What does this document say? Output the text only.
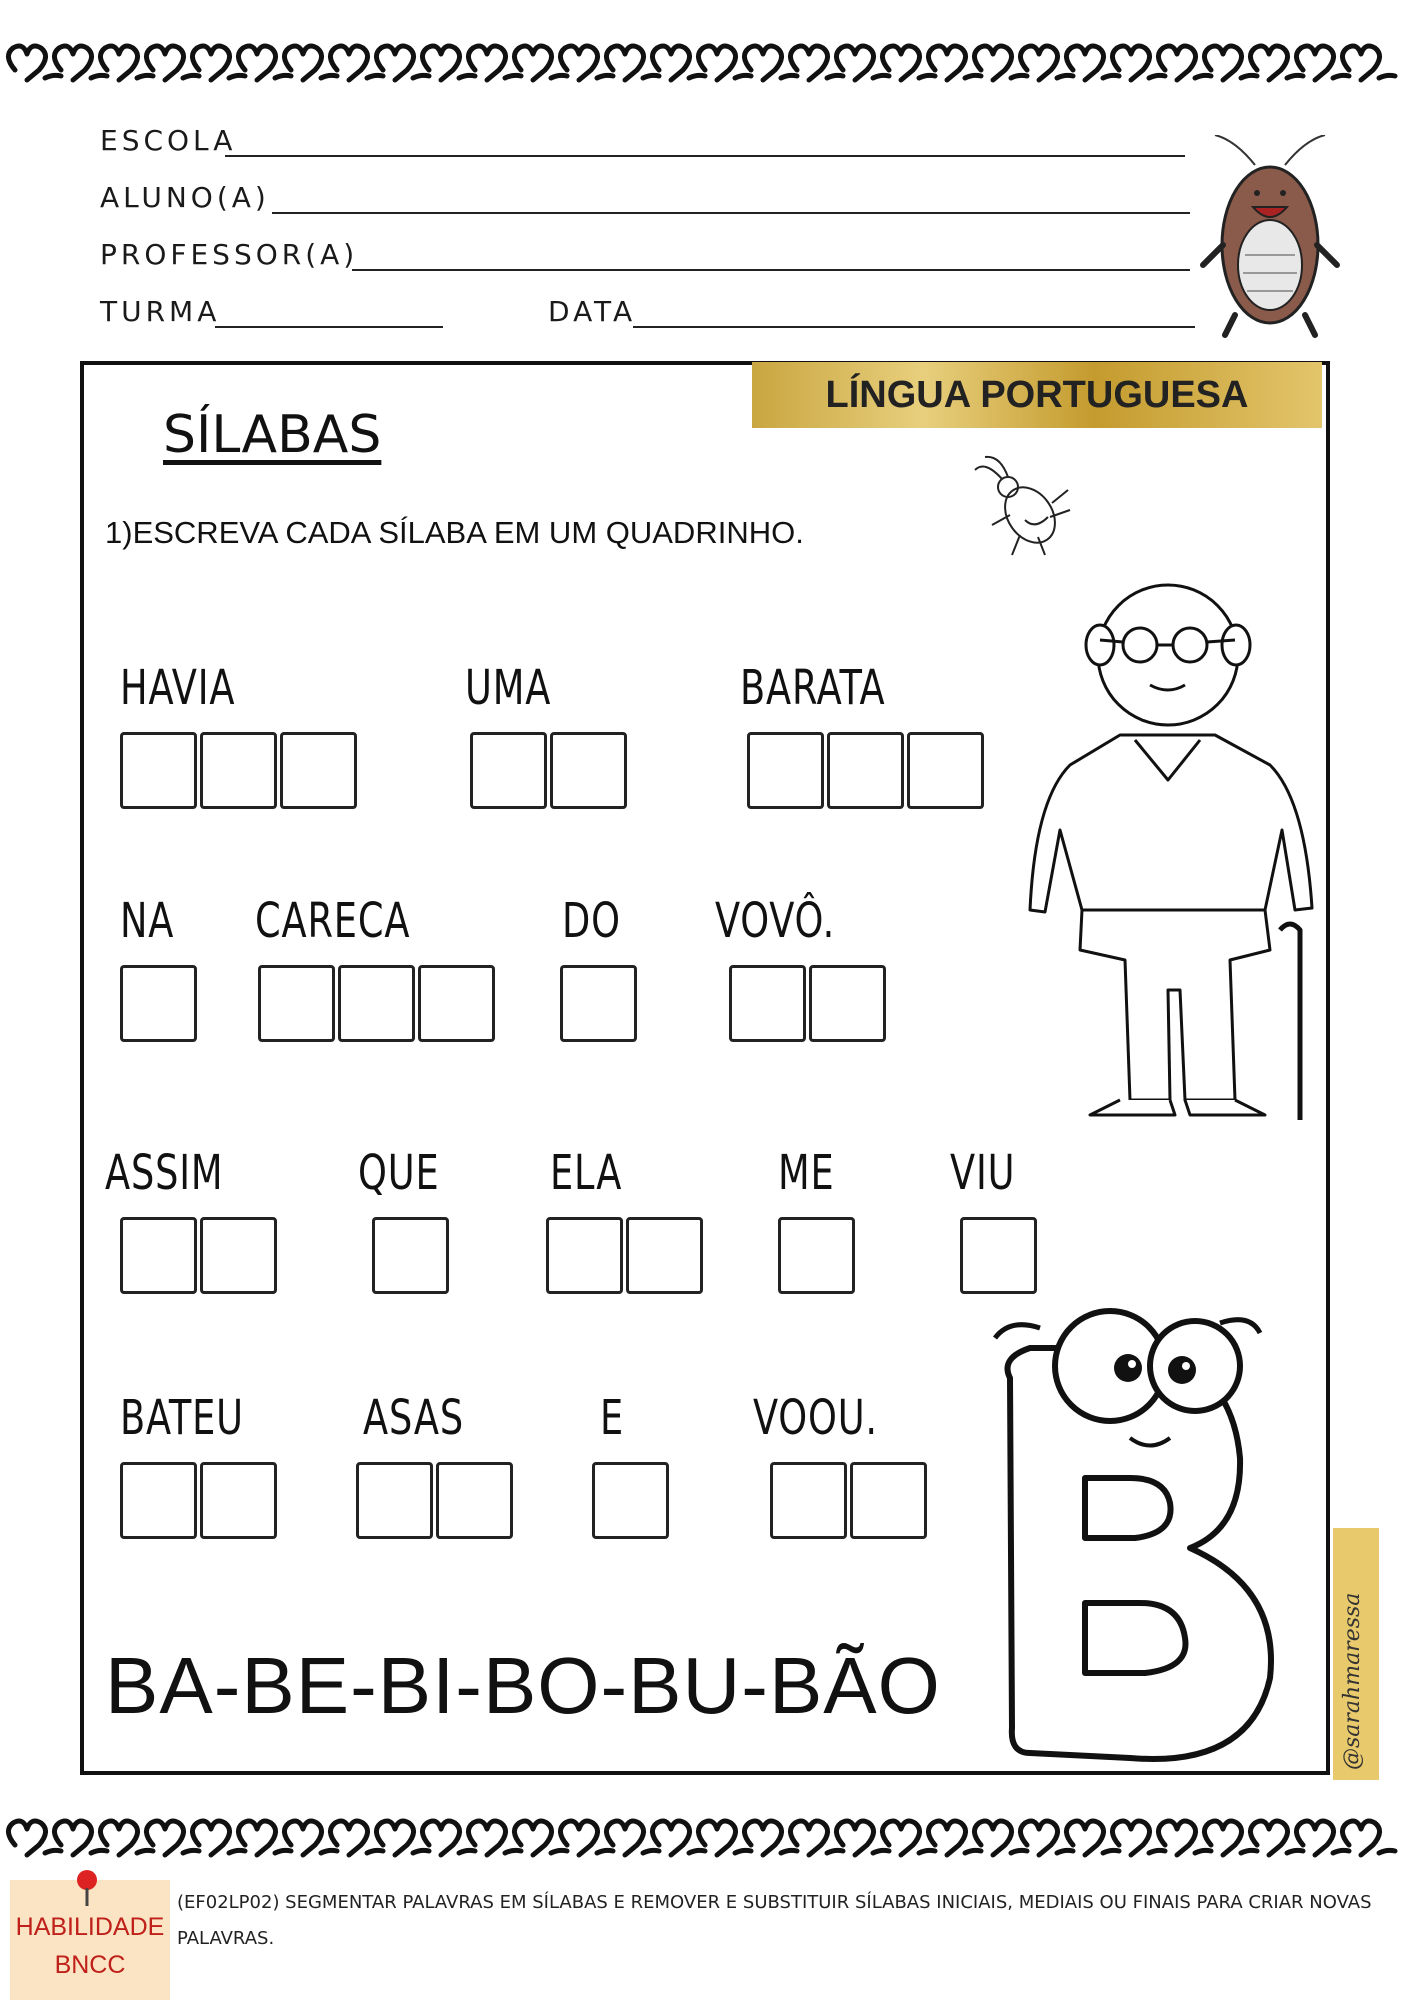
ESCOLA
ALUNO(A)
PROFESSOR(A)
TURMA	DATA
LÍNGUA PORTUGUESA
SÍLABAS
1)ESCREVA CADA SÍLABA EM UM QUADRINHO.
HAVIA	UMA	BARATA
NA CARECA	DO VOVÔ.
ASSIM	QUE ELA	ME VIU
BATEU ASAS	E	VOOU.
BA-BE-BI-BO-BU-BÃO	@sarahmaressa
HABILIDADE
BNCC
(EF02LP02) SEGMENTAR PALAVRAS EM SÍLABAS E REMOVER E SUBSTITUIR SÍLABAS INICIAIS, MEDIAIS OU FINAIS PARA CRIAR NOVAS PALAVRAS.
